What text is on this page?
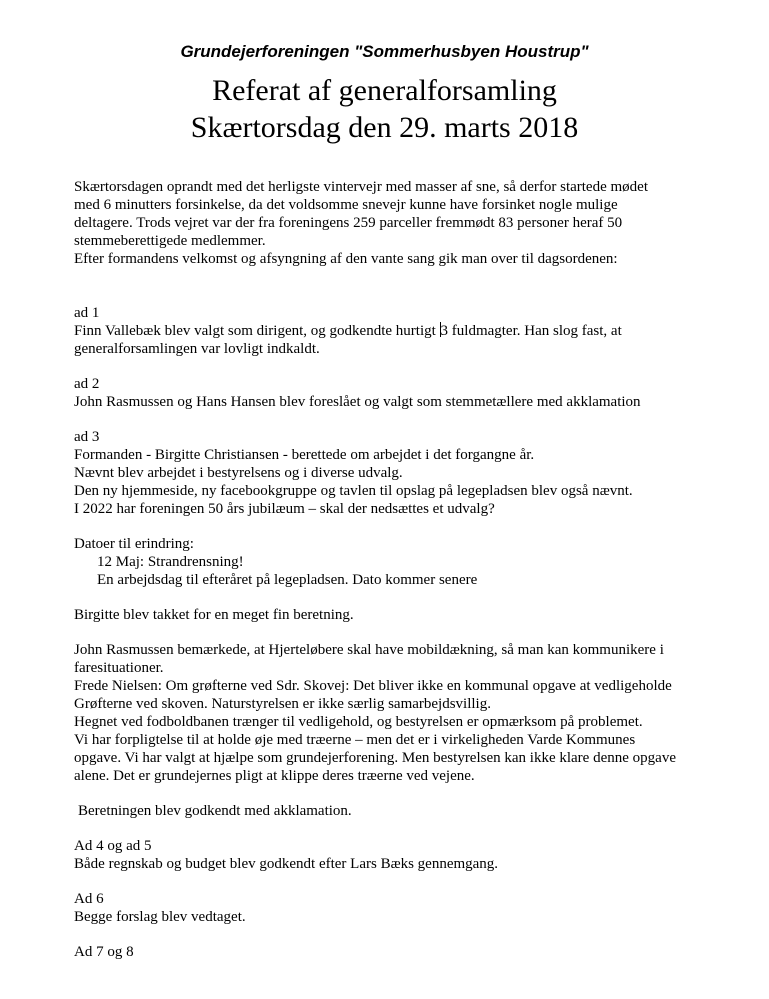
Grundejerforeningen "Sommerhusbyen Houstrup"
Referat af generalforsamling
Skærtorsdag den 29. marts 2018

Skærtorsdagen oprandt med det herligste vintervejr med masser af sne, så derfor startede mødet

med 6 minutters forsinkelse, da det voldsomme snevejr kunne have forsinket nogle mulige

deltagere. Trods vejret var der fra foreningens 259 parceller fremmødt 83 personer heraf 50

stemmeberettigede medlemmer.

Efter formandens velkomst og afsyngning af den vante sang gik man over til dagsordenen:

ad 1

Finn Vallebæk blev valgt som dirigent, og godkendte hurtigt 3 fuldmagter. Han slog fast, at

generalforsamlingen var lovligt indkaldt.

ad 2

John Rasmussen og Hans Hansen blev foreslået og valgt som stemmetællere med akklamation

ad 3

Formanden - Birgitte Christiansen - berettede om arbejdet i det forgangne år.

Nævnt blev arbejdet i bestyrelsens og i diverse udvalg.

Den ny hjemmeside, ny facebookgruppe og tavlen til opslag på legepladsen blev også nævnt.

I 2022 har foreningen 50 års jubilæum – skal der nedsættes et udvalg?

Datoer til erindring:

12 Maj: Strandrensning!

En arbejdsdag til efteråret på legepladsen. Dato kommer senere

Birgitte blev takket for en meget fin beretning.

John Rasmussen bemærkede, at Hjerteløbere skal have mobildækning, så man kan kommunikere i

faresituationer.

Frede Nielsen: Om grøfterne ved Sdr. Skovej: Det bliver ikke en kommunal opgave at vedligeholde

Grøfterne ved skoven. Naturstyrelsen er ikke særlig samarbejdsvillig.

Hegnet ved fodboldbanen trænger til vedligehold, og bestyrelsen er opmærksom på problemet.

Vi har forpligtelse til at holde øje med træerne – men det er i virkeligheden Varde Kommunes

opgave. Vi har valgt at hjælpe som grundejerforening. Men bestyrelsen kan ikke klare denne opgave

alene. Det er grundejernes pligt at klippe deres træerne ved vejene.

Beretningen blev godkendt med akklamation.

Ad 4 og ad 5

Både regnskab og budget blev godkendt efter Lars Bæks gennemgang.

Ad 6

Begge forslag blev vedtaget.

Ad 7 og 8
